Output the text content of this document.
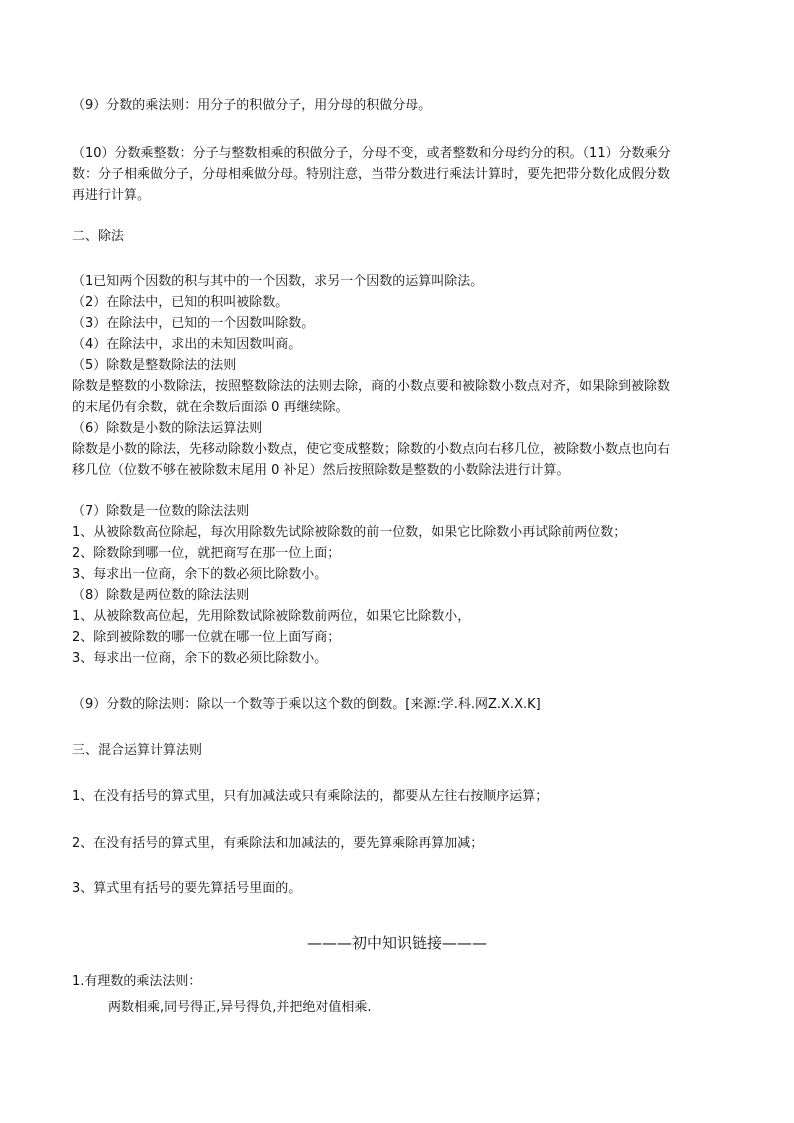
（9）分数的乘法则：用分子的积做分子，用分母的积做分母。

（10）分数乘整数：分子与整数相乘的积做分子，分母不变，或者整数和分母约分的积。（11）分数乘分
数：分子相乘做分子，分母相乘做分母。特别注意，当带分数进行乘法计算时，要先把带分数化成假分数
再进行计算。

二、除法

（1已知两个因数的积与其中的一个因数，求另一个因数的运算叫除法。
（2）在除法中，已知的积叫被除数。
（3）在除法中，已知的一个因数叫除数。
（4）在除法中，求出的未知因数叫商。
（5）除数是整数除法的法则
除数是整数的小数除法，按照整数除法的法则去除，商的小数点要和被除数小数点对齐，如果除到被除数
的末尾仍有余数，就在余数后面添 0 再继续除。
（6）除数是小数的除法运算法则
除数是小数的除法，先移动除数小数点，使它变成整数；除数的小数点向右移几位，被除数小数点也向右
移几位（位数不够在被除数末尾用 0 补足）然后按照除数是整数的小数除法进行计算。

（7）除数是一位数的除法法则
1、从被除数高位除起，每次用除数先试除被除数的前一位数，如果它比除数小再试除前两位数；
2、除数除到哪一位，就把商写在那一位上面；
3、每求出一位商，余下的数必须比除数小。
（8）除数是两位数的除法法则
1、从被除数高位起，先用除数试除被除数前两位，如果它比除数小，
2、除到被除数的哪一位就在哪一位上面写商；
3、每求出一位商，余下的数必须比除数小。

（9）分数的除法则：除以一个数等于乘以这个数的倒数。[来源:学.科.网Z.X.X.K]

三、混合运算计算法则

1、在没有括号的算式里，只有加减法或只有乘除法的，都要从左往右按顺序运算；

2、在没有括号的算式里，有乘除法和加减法的，要先算乘除再算加减；

3、算式里有括号的要先算括号里面的。

———初中知识链接———

1.有理数的乘法法则：

两数相乘,同号得正,异号得负,并把绝对值相乘.
